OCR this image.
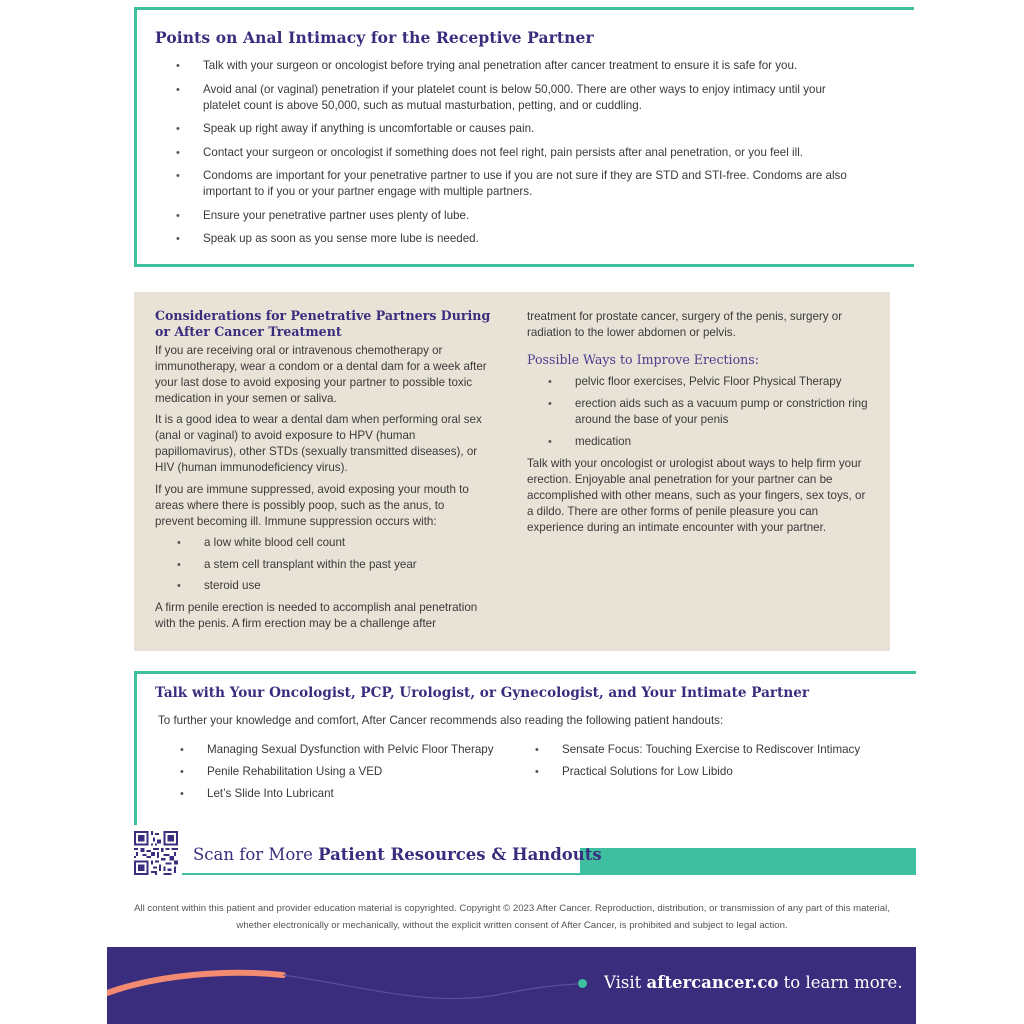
Points on Anal Intimacy for the Receptive Partner
• Talk with your surgeon or oncologist before trying anal penetration after cancer treatment to ensure it is safe for you.
• Avoid anal (or vaginal) penetration if your platelet count is below 50,000. There are other ways to enjoy intimacy until your platelet count is above 50,000, such as mutual masturbation, petting, and or cuddling.
• Speak up right away if anything is uncomfortable or causes pain.
• Contact your surgeon or oncologist if something does not feel right, pain persists after anal penetration, or you feel ill.
• Condoms are important for your penetrative partner to use if you are not sure if they are STD and STI-free. Condoms are also important to if you or your partner engage with multiple partners.
• Ensure your penetrative partner uses plenty of lube.
• Speak up as soon as you sense more lube is needed.
Considerations for Penetrative Partners During or After Cancer Treatment

If you are receiving oral or intravenous chemotherapy or immunotherapy, wear a condom or a dental dam for a week after your last dose to avoid exposing your partner to possible toxic medication in your semen or saliva.

It is a good idea to wear a dental dam when performing oral sex (anal or vaginal) to avoid exposure to HPV (human papillomavirus), other STDs (sexually transmitted diseases), or HIV (human immunodeficiency virus).

If you are immune suppressed, avoid exposing your mouth to areas where there is possibly poop, such as the anus, to prevent becoming ill. Immune suppression occurs with:

• a low white blood cell count
• a stem cell transplant within the past year
• steroid use

A firm penile erection is needed to accomplish anal penetration with the penis. A firm erection may be a challenge after

treatment for prostate cancer, surgery of the penis, surgery or radiation to the lower abdomen or pelvis.

Possible Ways to Improve Erections:

• pelvic floor exercises, Pelvic Floor Physical Therapy
• erection aids such as a vacuum pump or constriction ring around the base of your penis
• medication

Talk with your oncologist or urologist about ways to help firm your erection. Enjoyable anal penetration for your partner can be accomplished with other means, such as your fingers, sex toys, or a dildo. There are other forms of penile pleasure you can experience during an intimate encounter with your partner.

Talk with Your Oncologist, PCP, Urologist, or Gynecologist, and Your Intimate Partner

To further your knowledge and comfort, After Cancer recommends also reading the following patient handouts:

• Managing Sexual Dysfunction with Pelvic Floor Therapy
• Penile Rehabilitation Using a VED
• Let’s Slide Into Lubricant
• Sensate Focus: Touching Exercise to Rediscover Intimacy
• Practical Solutions for Low Libido

Scan for More Patient Resources & Handouts

All content within this patient and provider education material is copyrighted. Copyright © 2023 After Cancer. Reproduction, distribution, or transmission of any part of this material, whether electronically or mechanically, without the explicit written consent of After Cancer, is prohibited and subject to legal action.

Visit aftercancer.co to learn more.
